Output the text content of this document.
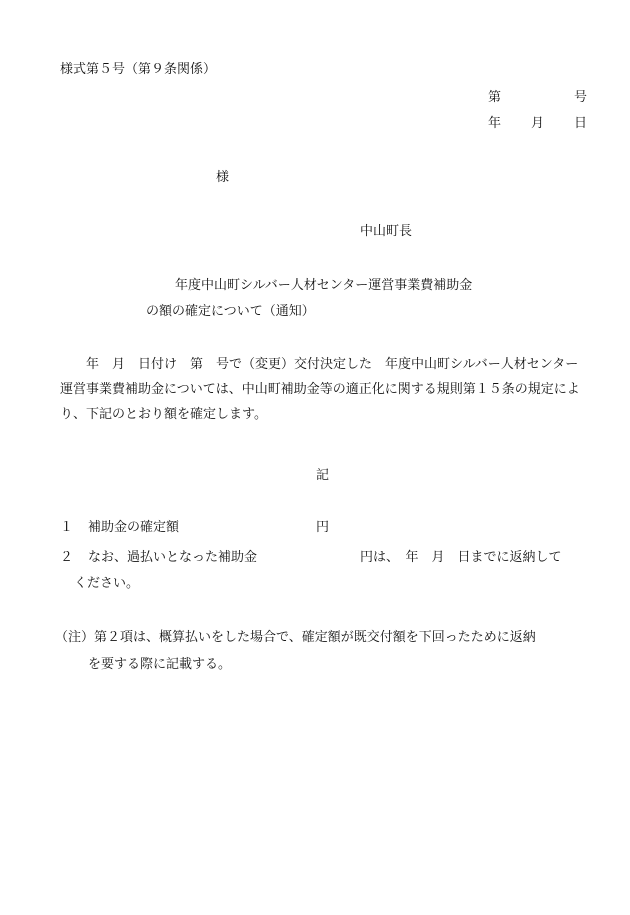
様式第５号（第９条関係）
第	号
年 月 日
様
中山町長
年度中山町シルバー人材センター運営事業費補助金
の額の確定について（通知）
　　年　月　日付け　第　号で（変更）交付決定した　年度中山町シルバー人材センター運営事業費補助金については、中山町補助金等の適正化に関する規則第１５条の規定により、下記のとおり額を確定します。
記
１ 補助金の確定額	円
２ なお、過払いとなった補助金	円は、　年　月　日までに返納して
ください。
（注）第２項は、概算払いをした場合で、確定額が既交付額を下回ったために返納
を要する際に記載する。
